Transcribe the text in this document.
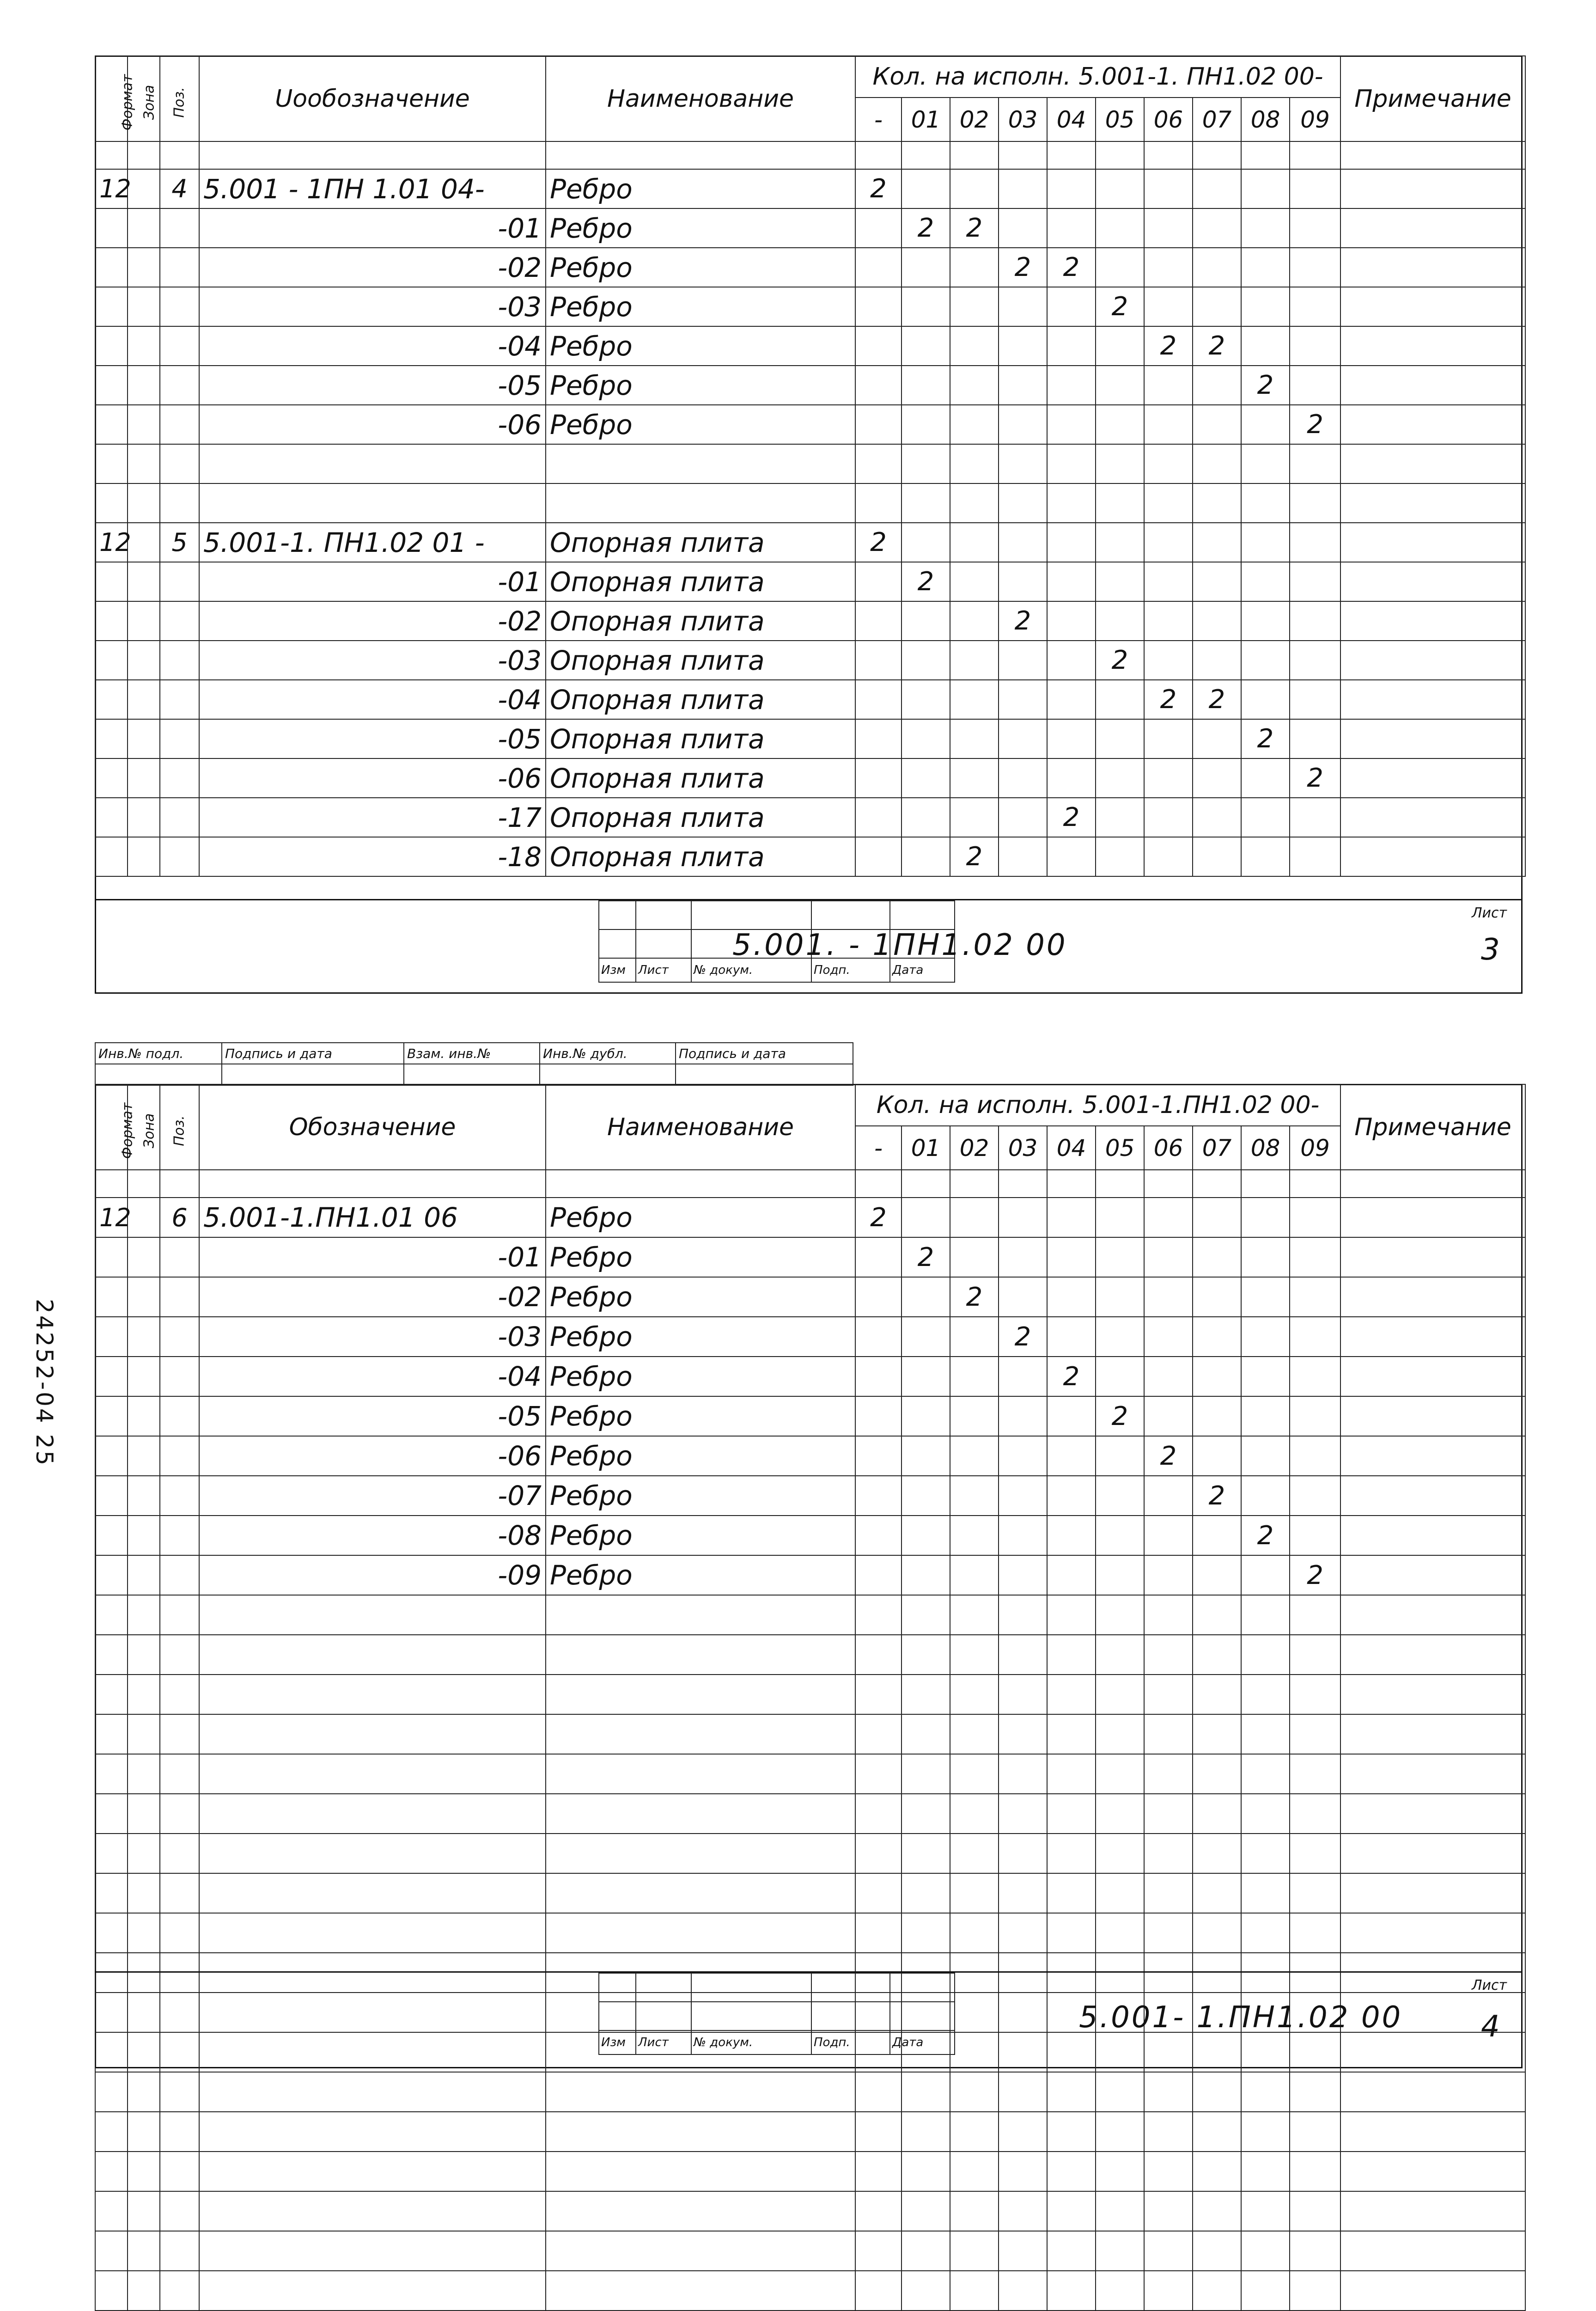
Формат	Зона	Поз.	Uообозначение	Наименование	Кол. на исполн. 5.001-1. ПН1.02 00-										Примечание
					-	01	02	03	04	05	06	07	08	09	

12		4	5.001 - 1ПН 1.01 04-	Ребро	2										
			-01	Ребро		2	2								
			-02	Ребро				2	2						
			-03	Ребро						2					
			-04	Ребро							2	2			
			-05	Ребро									2		
			-06	Ребро										2	

12		5	5.001-1. ПН1.02 01 -	Опорная плита	2										
			-01	Опорная плита		2									
			-02	Опорная плита				2							
			-03	Опорная плита						2					
			-04	Опорная плита							2	2			
			-05	Опорная плита									2		
			-06	Опорная плита										2	
			-17	Опорная плита					2						
			-18	Опорная плита			2								

Изм	Лист	№ докум.	Подп.	Дата
5.001. - 1ПН1.02 00
Лист
3
Инв.№ подл.	Подпись и дата	Взам. инв.№	Инв.№ дубл.	Подпись и дата

Формат	Зона	Поз.	Обозначение	Наименование	Кол. на исполн. 5.001-1.ПН1.02 00-										Примечание
					-	01	02	03	04	05	06	07	08	09	

12		6	5.001-1.ПН1.01 06	Ребро	2										
			-01	Ребро		2									
			-02	Ребро			2								
			-03	Ребро				2							
			-04	Ребро					2						
			-05	Ребро						2					
			-06	Ребро							2				
			-07	Ребро								2			
			-08	Ребро									2		
			-09	Ребро										2	

Изм	Лист	№ докум.	Подп.	Дата
5.001- 1.ПН1.02 00
Лист
4
24252-04 25
